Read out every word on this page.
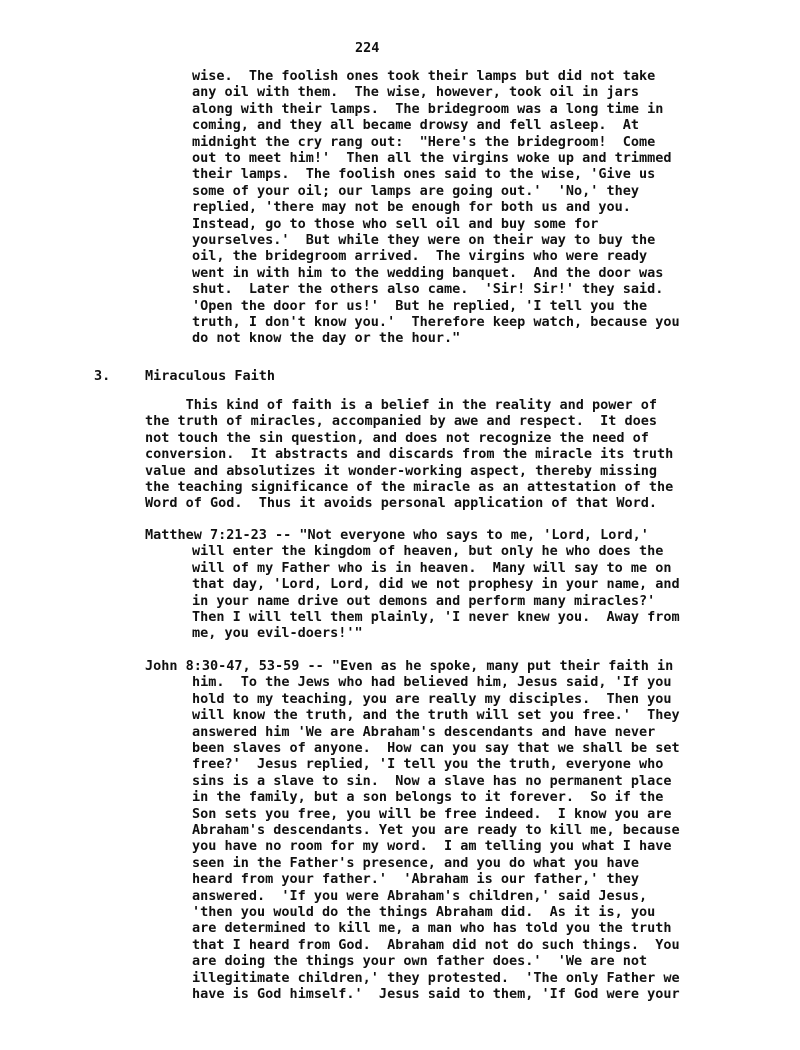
224
wise.  The foolish ones took their lamps but did not take
any oil with them.  The wise, however, took oil in jars
along with their lamps.  The bridegroom was a long time in
coming, and they all became drowsy and fell asleep.  At
midnight the cry rang out:  "Here's the bridegroom!  Come
out to meet him!'  Then all the virgins woke up and trimmed
their lamps.  The foolish ones said to the wise, 'Give us
some of your oil; our lamps are going out.'  'No,' they
replied, 'there may not be enough for both us and you.
Instead, go to those who sell oil and buy some for
yourselves.'  But while they were on their way to buy the
oil, the bridegroom arrived.  The virgins who were ready
went in with him to the wedding banquet.  And the door was
shut.  Later the others also came.  'Sir! Sir!' they said.
'Open the door for us!'  But he replied, 'I tell you the
truth, I don't know you.'  Therefore keep watch, because you
do not know the day or the hour."
3.	Miraculous Faith
This kind of faith is a belief in the reality and power of
the truth of miracles, accompanied by awe and respect.  It does
not touch the sin question, and does not recognize the need of
conversion.  It abstracts and discards from the miracle its truth
value and absolutizes it wonder-working aspect, thereby missing
the teaching significance of the miracle as an attestation of the
Word of God.  Thus it avoids personal application of that Word.
Matthew 7:21-23 -- "Not everyone who says to me, 'Lord, Lord,'
will enter the kingdom of heaven, but only he who does the
will of my Father who is in heaven.  Many will say to me on
that day, 'Lord, Lord, did we not prophesy in your name, and
in your name drive out demons and perform many miracles?'
Then I will tell them plainly, 'I never knew you.  Away from
me, you evil-doers!'"
John 8:30-47, 53-59 -- "Even as he spoke, many put their faith in
him.  To the Jews who had believed him, Jesus said, 'If you
hold to my teaching, you are really my disciples.  Then you
will know the truth, and the truth will set you free.'  They
answered him 'We are Abraham's descendants and have never
been slaves of anyone.  How can you say that we shall be set
free?'  Jesus replied, 'I tell you the truth, everyone who
sins is a slave to sin.  Now a slave has no permanent place
in the family, but a son belongs to it forever.  So if the
Son sets you free, you will be free indeed.  I know you are
Abraham's descendants. Yet you are ready to kill me, because
you have no room for my word.  I am telling you what I have
seen in the Father's presence, and you do what you have
heard from your father.'  'Abraham is our father,' they
answered.  'If you were Abraham's children,' said Jesus,
'then you would do the things Abraham did.  As it is, you
are determined to kill me, a man who has told you the truth
that I heard from God.  Abraham did not do such things.  You
are doing the things your own father does.'  'We are not
illegitimate children,' they protested.  'The only Father we
have is God himself.'  Jesus said to them, 'If God were your
